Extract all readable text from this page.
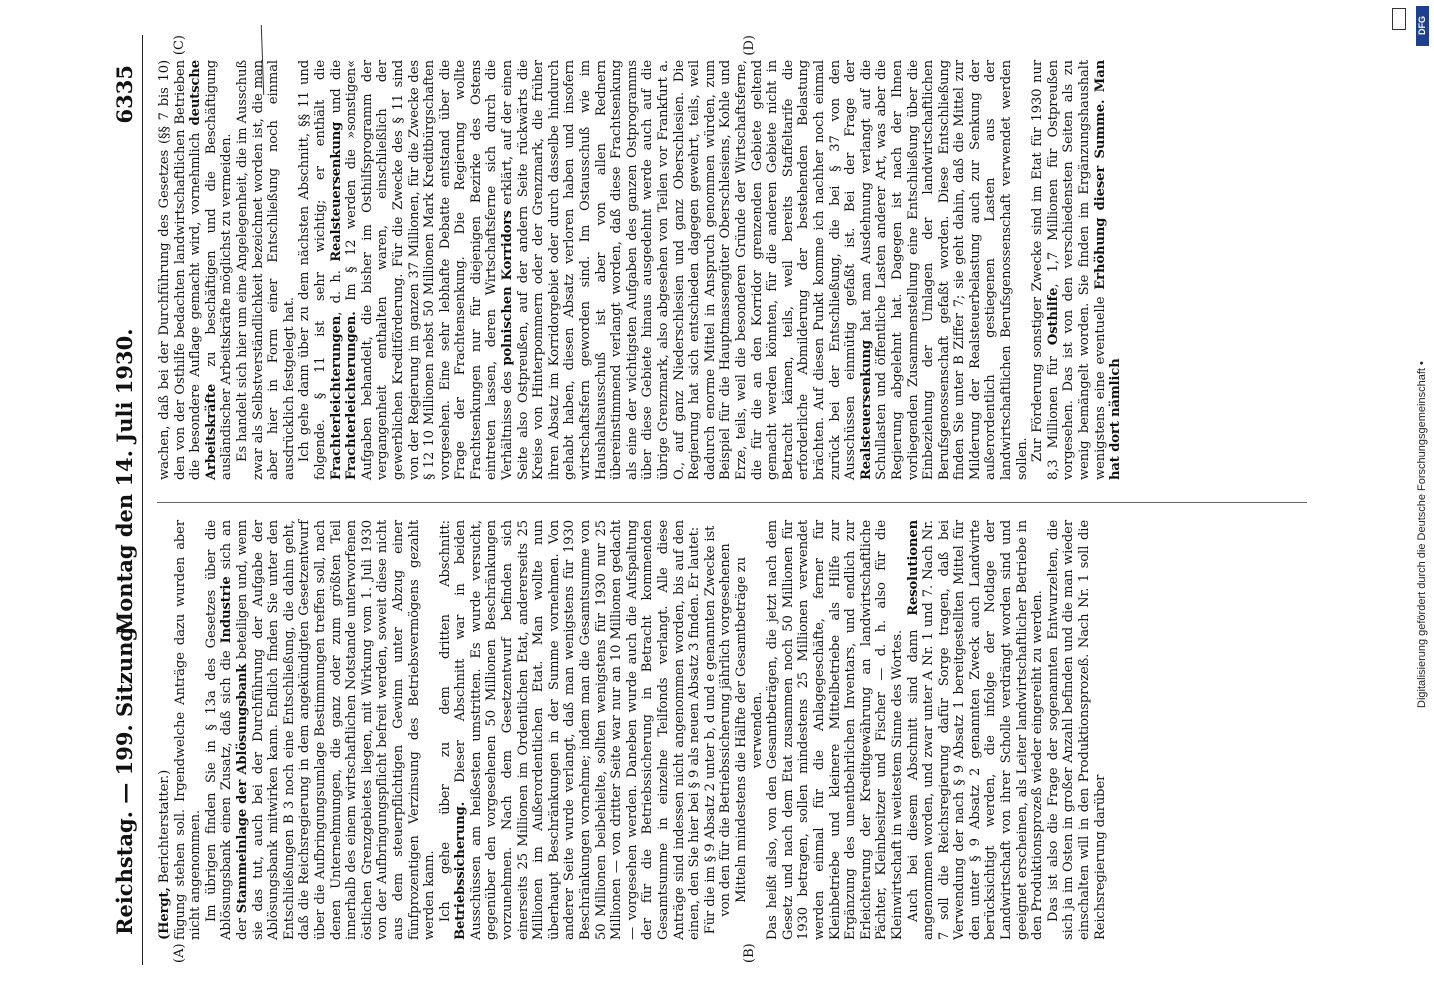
Reichstag. — 199. Sitzung.
Montag den 14. Juli 1930.
6335
(A)	(B)
(C)	(D)

(Hergt, Berichterstatter.) fügung stehen soll. Irgendwelche Anträge dazu wurden aber nicht angenommen. Im übrigen finden Sie in § 13a des Gesetzes über die Ablösungsbank einen Zusatz, daß sich die Industrie sich an der Stammeinlage der Ablösungsbank beteiligen und, wenn sie das tut, auch bei der Durchführung der Aufgabe der Ablösungsbank mitwirken kann. Endlich finden Sie unter den Entschließungen B 3 noch eine Entschließung, die dahin geht, daß die Reichsregierung in dem angekündigten Gesetzentwurf über die Aufbringungsumlage Bestimmungen treffen soll, nach denen Unternehmungen, die ganz oder zum größten Teil innerhalb des einem wirtschaftlichen Notstande unterworfenen östlichen Grenzgebietes liegen, mit Wirkung vom 1. Juli 1930 von der Aufbringungspflicht befreit werden, soweit diese nicht aus dem steuerpflichtigen Gewinn unter Abzug einer fünfprozentigen Verzinsung des Betriebsvermögens gezahlt werden kann. Ich gehe über zu dem dritten Abschnitt: Betriebssicherung. Dieser Abschnitt war in beiden Ausschüssen am heißesten umstritten. Es wurde versucht, gegenüber den vorgesehenen 50 Millionen Beschränkungen vorzunehmen. Nach dem Gesetzentwurf befinden sich einerseits 25 Millionen im Ordentlichen Etat, andererseits 25 Millionen im Außerordentlichen Etat. Man wollte nun überhaupt Beschränkungen in der Summe vornehmen. Von anderer Seite wurde verlangt, daß man wenigstens für 1930 Beschränkungen vornehme; indem man die Gesamtsumme von 50 Millionen beibehielte, sollten wenigstens für 1930 nur 25 Millionen — von dritter Seite war nur an 10 Millionen gedacht — vorgesehen werden. Daneben wurde auch die Aufspaltung der für die Betriebssicherung in Betracht kommenden Gesamtsumme in einzelne Teilfonds verlangt. Alle diese Anträge sind indessen nicht angenommen worden, bis auf den einen, den Sie hier bei § 9 als neuen Absatz 3 finden. Er lautet: Für die im § 9 Absatz 2 unter b, d und e genannten Zwecke ist von den für die Betriebssicherung jährlich vorgesehenen Mitteln mindestens die Hälfte der Gesamtbeträge zu verwenden. Das heißt also, von den Gesamtbeträgen, die jetzt nach dem Gesetz und nach dem Etat zusammen noch 50 Millionen für 1930 betragen, sollen mindestens 25 Millionen verwendet werden einmal für die Anlagegeschäfte, ferner für Kleinbetriebe und kleinere Mittelbetriebe als Hilfe zur Ergänzung des unentbehrlichen Inventars, und endlich zur Erleichterung der Kreditgewährung an landwirtschaftliche Pächter, Kleinbesitzer und Fischer — d. h. also für die Kleinwirtschaft in weitestem Sinne des Wortes. Auch bei diesem Abschnitt sind dann Resolutionen angenommen worden, und zwar unter A Nr. 1 und 7. Nach Nr. 7 soll die Reichsregierung dafür Sorge tragen, daß bei Verwendung der nach § 9 Absatz 1 bereitgestellten Mittel für den unter § 9 Absatz 2 genannten Zweck auch Landwirte berücksichtigt werden, die infolge der Notlage der Landwirtschaft von ihrer Scholle verdrängt worden sind und geeignet erscheinen, als Leiter landwirtschaftlicher Betriebe in den Produktionsprozeß wieder eingereiht zu werden. Das ist also die Frage der sogenannten Entwurzelten, die sich ja im Osten in großer Anzahl befinden und die man wieder einschalten will in den Produktionsprozeß. Nach Nr. 1 soll die Reichsregierung darüber

wachen, daß bei der Durchführung des Gesetzes (§§ 7 bis 10) den von der Osthilfe bedachten landwirtschaftlichen Betrieben die besondere Auflage gemacht wird, vornehmlich deutsche Arbeitskräfte zu beschäftigen und die Beschäftigung ausländischer Arbeitskräfte möglichst zu vermeiden. Es handelt sich hier um eine Angelegenheit, die im Ausschuß zwar als Selbstverständlichkeit bezeichnet worden ist, die man aber hier in Form einer Entschließung noch einmal ausdrücklich festgelegt hat. Ich gehe dann über zu dem nächsten Abschnitt, §§ 11 und folgende. § 11 ist sehr wichtig; er enthält die Frachterleichterungen, d. h. Realsteuersenkung und die Frachterleichterungen. Im § 12 werden die »sonstigen« Aufgaben behandelt, die bisher im Osthilfsprogramm der vergangenheit enthalten waren, einschließlich der gewerblichen Kreditförderung. Für die Zwecke des § 11 sind von der Regierung im ganzen 37 Millionen, für die Zwecke des § 12 10 Millionen nebst 50 Millionen Mark Kreditbürgschaften vorgesehen. Eine sehr lebhafte Debatte entstand über die Frage der Frachtensenkung. Die Regierung wollte Frachtsenkungen nur für diejenigen Bezirke des Ostens eintreten lassen, deren Wirtschaftsferne sich durch die Verhältnisse des polnischen Korridors erklärt, auf der einen Seite also Ostpreußen, auf der andern Seite rückwärts die Kreise von Hinterpommern oder der Grenzmark, die früher ihren Absatz im Korridorgebiet oder durch dasselbe hindurch gehabt haben, diesen Absatz verloren haben und insofern wirtschaftsfern geworden sind. Im Ostausschuß wie im Haushaltsausschuß ist aber von allen Rednern übereinstimmend verlangt worden, daß diese Frachtsenkung als eine der wichtigsten Aufgaben des ganzen Ostprogramms über diese Gebiete hinaus ausgedehnt werde auch auf die übrige Grenzmark, also abgesehen von Teilen vor Frankfurt a. O., auf ganz Niederschlesien und ganz Oberschlesien. Die Regierung hat sich entschieden dagegen gewehrt, teils, weil dadurch enorme Mittel in Anspruch genommen würden, zum Beispiel für die Hauptmassengüter Oberschlesiens, Kohle und Erze, teils, weil die besonderen Gründe der Wirtschaftsferne, die für die an den Korridor grenzenden Gebiete geltend gemacht werden könnten, für die anderen Gebiete nicht in Betracht kämen, teils, weil bereits Staffeltarife die erforderliche Abmilderung der bestehenden Belastung brächten. Auf diesen Punkt komme ich nachher noch einmal zurück bei der Entschließung, die bei § 37 von den Ausschüssen einmütig gefaßt ist. Bei der Frage der Realsteuersenkung hat man Ausdehnung verlangt auf die Schullasten und öffentliche Lasten anderer Art, was aber die Regierung abgelehnt hat. Dagegen ist nach der Ihnen vorliegenden Zusammenstellung eine Entschließung über die Einbeziehung der Umlagen der landwirtschaftlichen Berufsgenossenschaft gefaßt worden. Diese Entschließung finden Sie unter B Ziffer 7; sie geht dahin, daß die Mittel zur Milderung der Realsteuerbelastung auch zur Senkung der außerordentlich gestiegenen Lasten aus der landwirtschaftlichen Berufsgenossenschaft verwendet werden sollen. Zur Förderung sonstiger Zwecke sind im Etat für 1930 nur 8,3 Millionen für Osthilfe, 1,7 Millionen für Ostpreußen vorgesehen. Das ist von den verschiedensten Seiten als zu wenig bemängelt worden. Sie finden im Ergänzungshaushalt wenigstens eine eventuelle Erhöhung dieser Summe. Man hat dort nämlich

DFG
Digitalisierung gefördert durch die Deutsche Forschungsgemeinschaft •
